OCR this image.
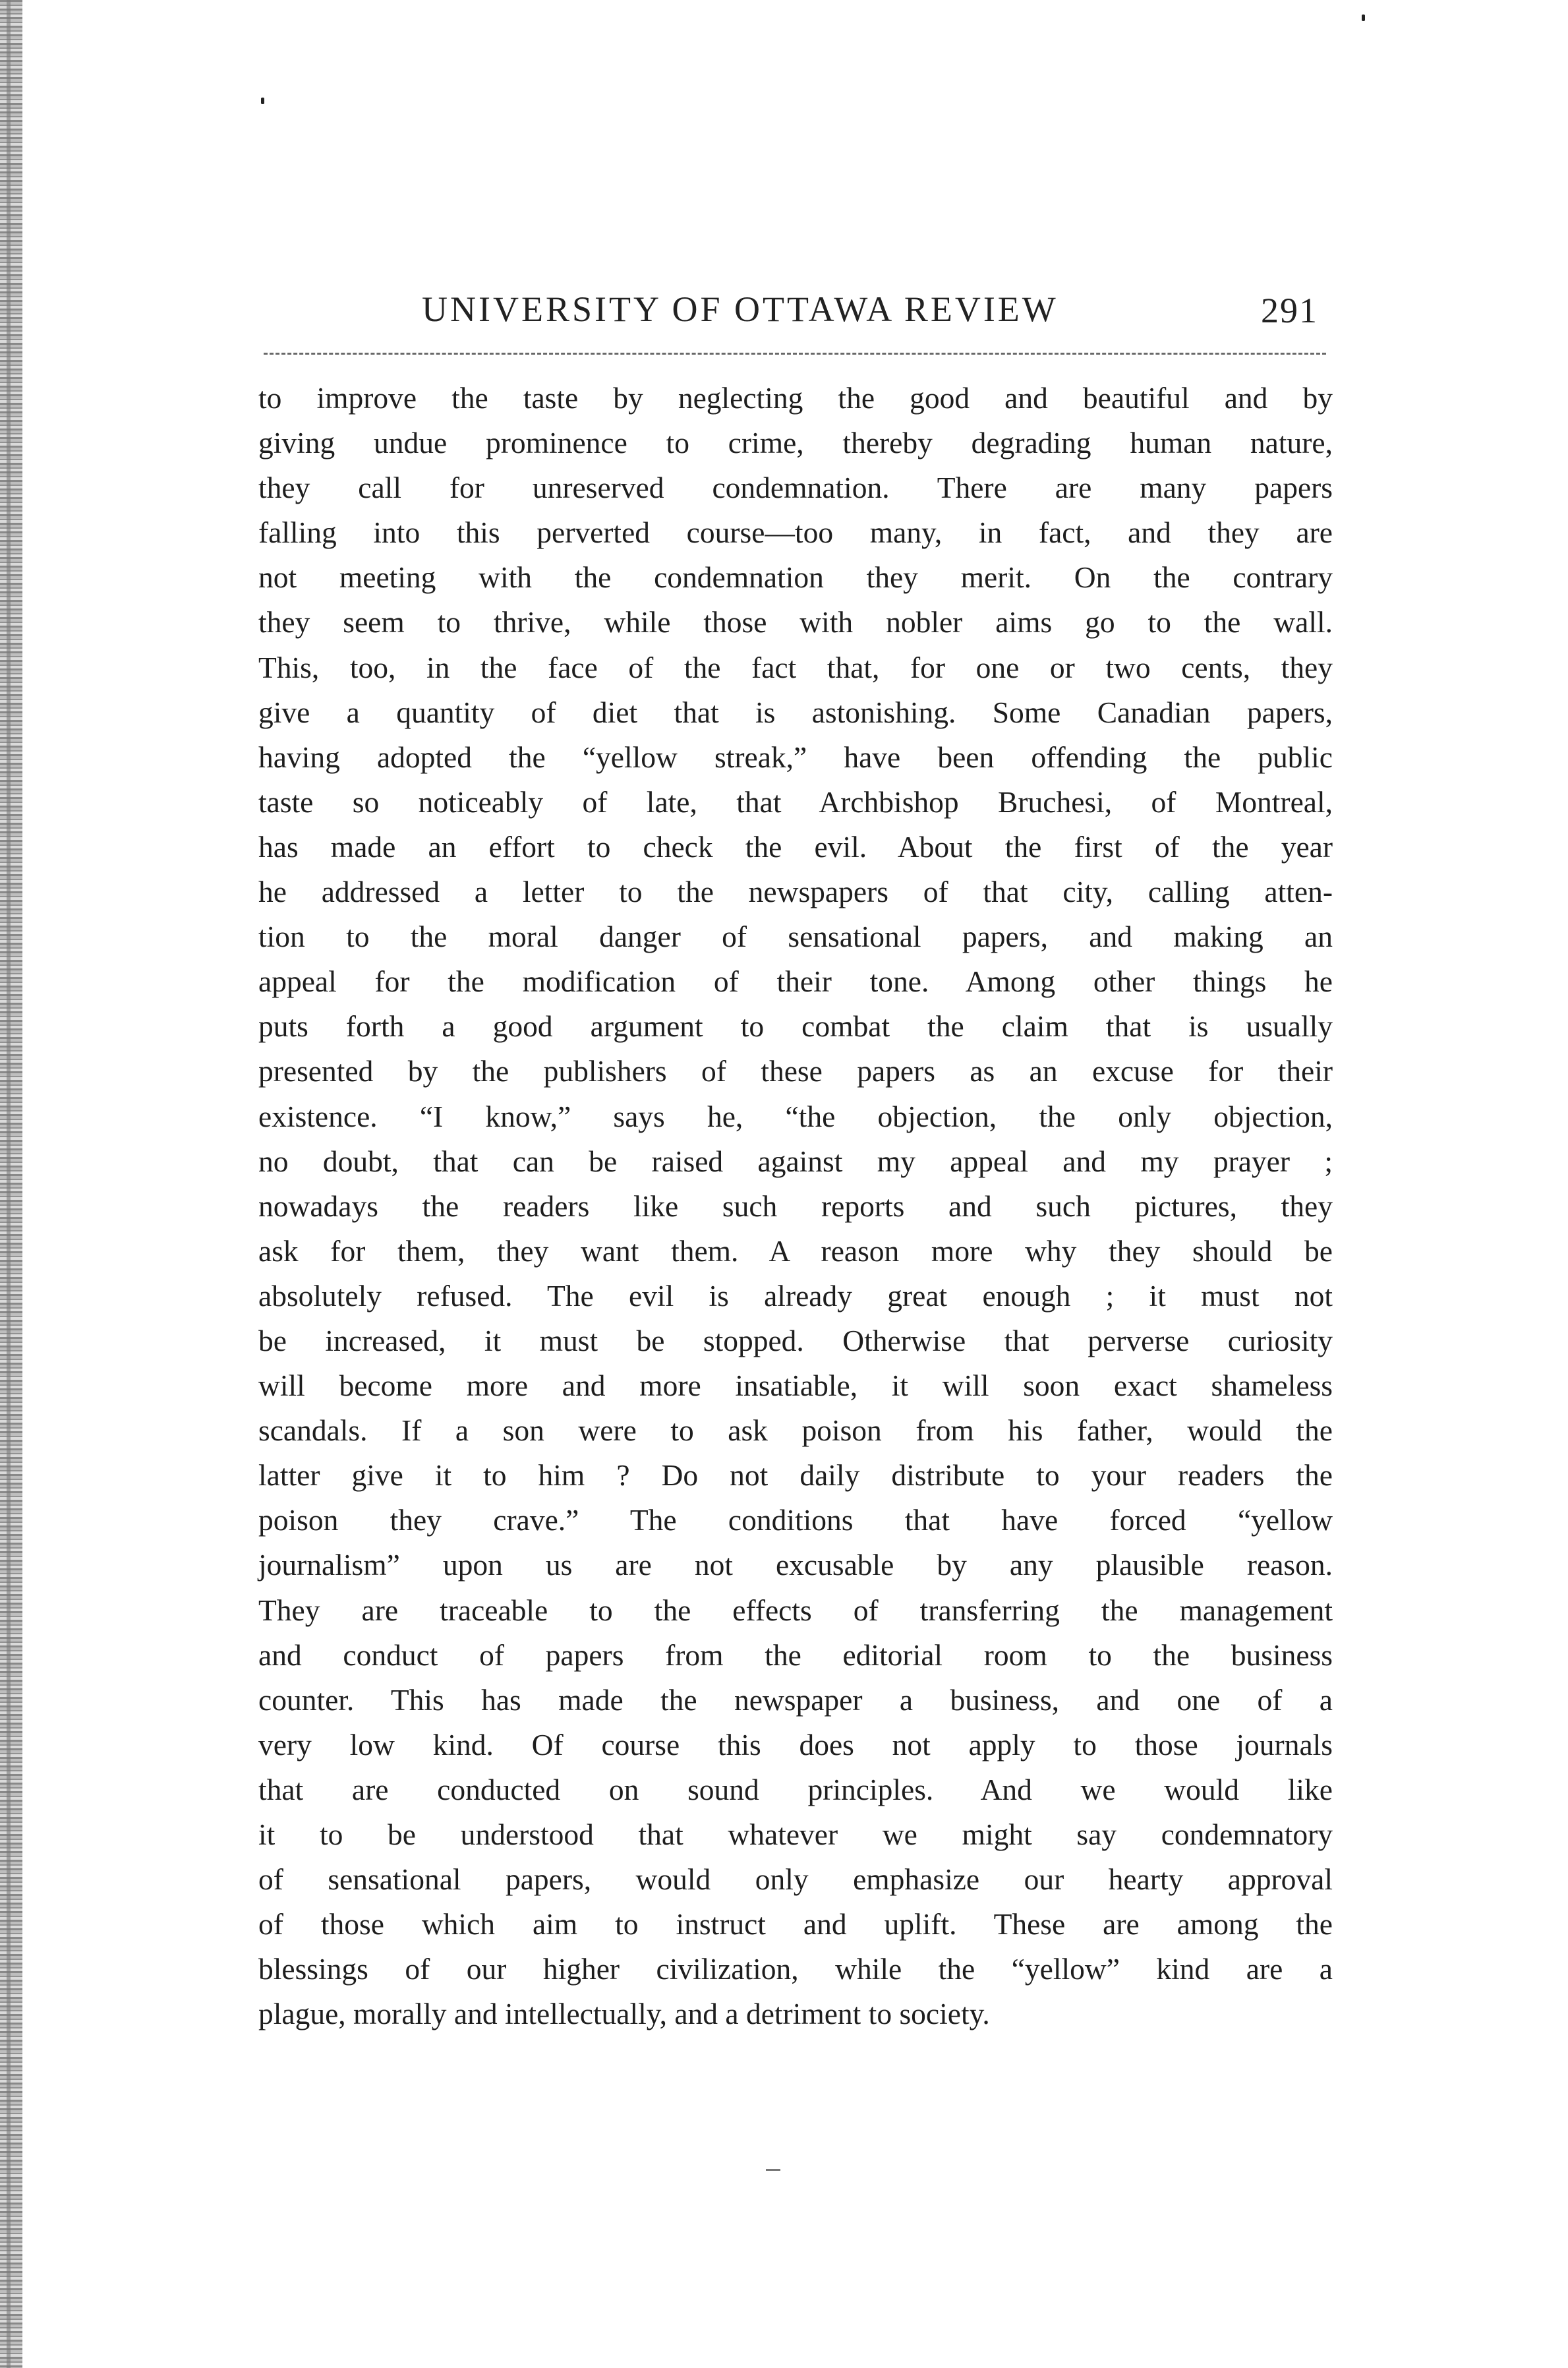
UNIVERSITY OF OTTAWA REVIEW	291
to improve the taste by neglecting the good and beautiful and by
giving undue prominence to crime, thereby degrading human nature,
they call for unreserved condemnation. There are many papers
falling into this perverted course—too many, in fact, and they are
not meeting with the condemnation they merit. On the contrary
they seem to thrive, while those with nobler aims go to the wall.
This, too, in the face of the fact that, for one or two cents, they
give a quantity of diet that is astonishing. Some Canadian papers,
having adopted the “yellow streak,” have been offending the public
taste so noticeably of late, that Archbishop Bruchesi, of Montreal,
has made an effort to check the evil. About the first of the year
he addressed a letter to the newspapers of that city, calling atten-
tion to the moral danger of sensational papers, and making an
appeal for the modification of their tone. Among other things he
puts forth a good argument to combat the claim that is usually
presented by the publishers of these papers as an excuse for their
existence. “I know,” says he, “the objection, the only objection,
no doubt, that can be raised against my appeal and my prayer ;
nowadays the readers like such reports and such pictures, they
ask for them, they want them. A reason more why they should be
absolutely refused. The evil is already great enough ; it must not
be increased, it must be stopped. Otherwise that perverse curiosity
will become more and more insatiable, it will soon exact shameless
scandals. If a son were to ask poison from his father, would the
latter give it to him ? Do not daily distribute to your readers the
poison they crave.” The conditions that have forced “yellow
journalism” upon us are not excusable by any plausible reason.
They are traceable to the effects of transferring the management
and conduct of papers from the editorial room to the business
counter. This has made the newspaper a business, and one of a
very low kind. Of course this does not apply to those journals
that are conducted on sound principles. And we would like
it to be understood that whatever we might say condemnatory
of sensational papers, would only emphasize our hearty approval
of those which aim to instruct and uplift. These are among the
blessings of our higher civilization, while the “yellow” kind are a
plague, morally and intellectually, and a detriment to society.
